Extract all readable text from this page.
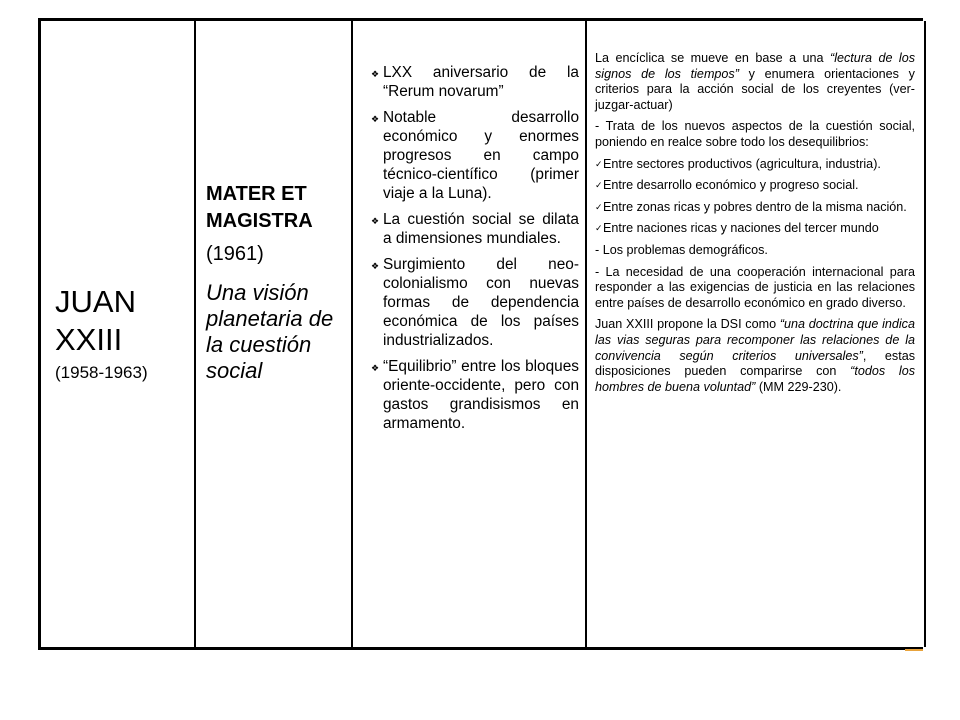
JUAN XXIII
(1958-1963)
MATER ET MAGISTRA
(1961)
Una visión planetaria de la cuestión social
❖ LXX aniversario de la “Rerum novarum”
❖ Notable desarrollo económico y enormes progresos en campo técnico-científico (primer viaje a la Luna).
❖ La cuestión social se dilata a dimensiones mundiales.
❖ Surgimiento del neo-colonialismo con nuevas formas de dependencia económica de los países industrializados.
❖ “Equilibrio” entre los bloques oriente-occidente, pero con gastos grandisismos en armamento.

La encíclica se mueve en base a una “lectura de los signos de los tiempos” y enumera orientaciones y criterios para la acción social de los creyentes (ver-juzgar-actuar)

- Trata de los nuevos aspectos de la cuestión social, poniendo en realce sobre todo los desequilibrios:

✓ Entre sectores productivos (agricultura, industria).

✓ Entre desarrollo económico y progreso social.

✓ Entre zonas ricas y pobres dentro de la misma nación.

✓ Entre naciones ricas y naciones del tercer mundo

- Los problemas demográficos.

- La necesidad de una cooperación internacional para responder a las exigencias de justicia en las relaciones entre países de desarrollo económico en grado diverso.

Juan XXIII propone la DSI como “una doctrina que indica las vias seguras para recomponer las relaciones de la convivencia según criterios universales”, estas disposiciones pueden comparirse con “todos los hombres de buena voluntad” (MM 229-230).
